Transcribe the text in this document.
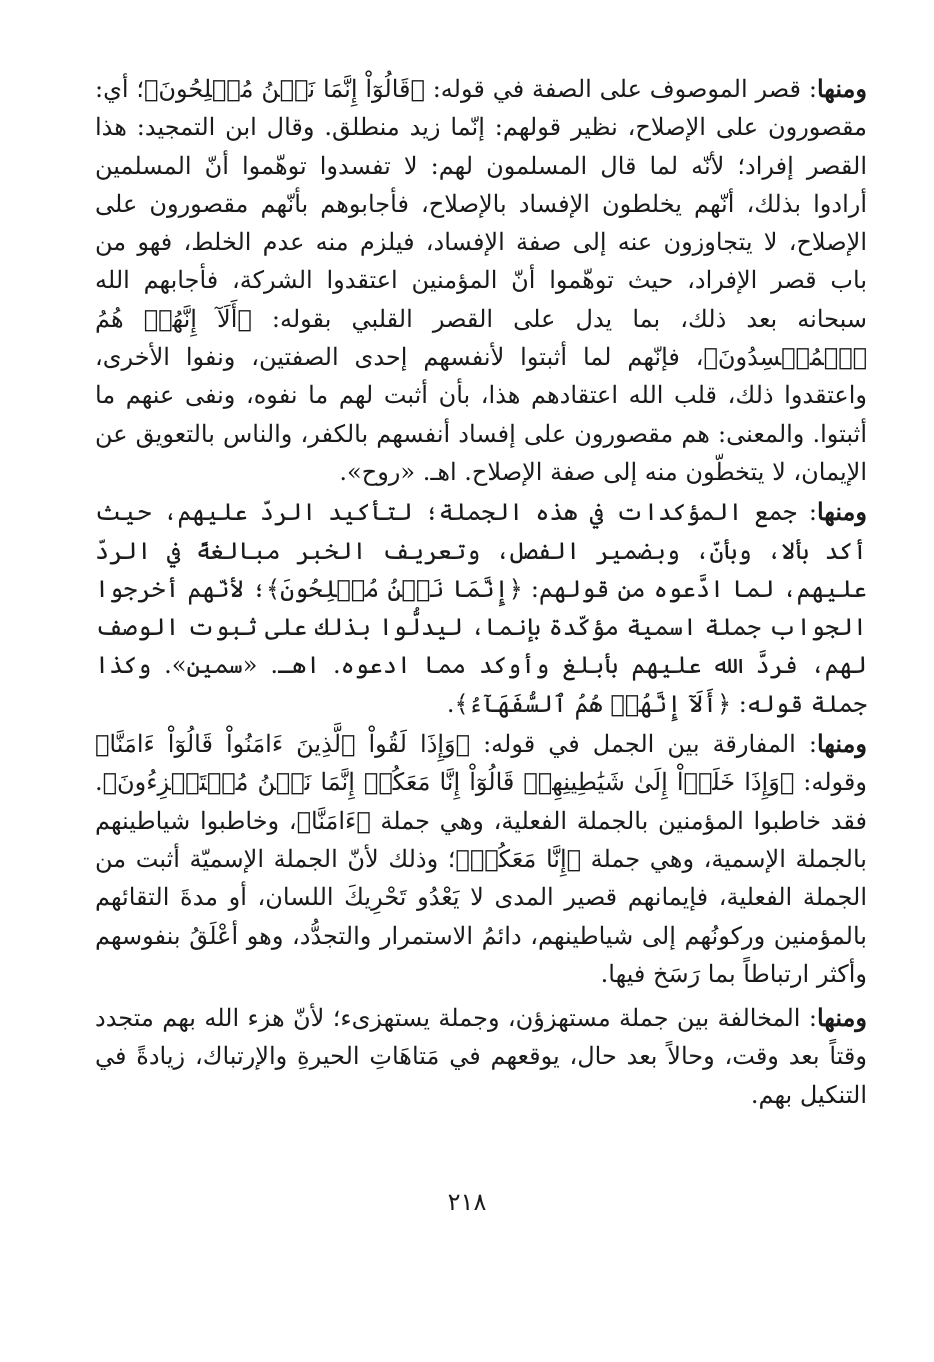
ومنها: قصر الموصوف على الصفة في قوله: ﴿قَالُوٓاْ إِنَّمَا نَحۡنُ مُصۡلِحُونَ﴾؛ أي: مقصورون على الإصلاح، نظير قولهم: إنّما زيد منطلق. وقال ابن التمجيد: هذا القصر إفراد؛ لأنّه لما قال المسلمون لهم: لا تفسدوا توهّموا أنّ المسلمين أرادوا بذلك، أنّهم يخلطون الإفساد بالإصلاح، فأجابوهم بأنّهم مقصورون على الإصلاح، لا يتجاوزون عنه إلى صفة الإفساد، فيلزم منه عدم الخلط، فهو من باب قصر الإفراد، حيث توهّموا أنّ المؤمنين اعتقدوا الشركة، فأجابهم الله سبحانه بعد ذلك، بما يدل على القصر القلبي بقوله: ﴿أَلَآ إِنَّهُمۡ هُمُ ٱلۡمُفۡسِدُونَ﴾، فإنّهم لما أثبتوا لأنفسهم إحدى الصفتين، ونفوا الأخرى، واعتقدوا ذلك، قلب الله اعتقادهم هذا، بأن أثبت لهم ما نفوه، ونفى عنهم ما أثبتوا. والمعنى: هم مقصورون على إفساد أنفسهم بالكفر، والناس بالتعويق عن الإيمان، لا يتخطّون منه إلى صفة الإصلاح. اهـ. «روح».

ومنها: جمع المؤكدات في هذه الجملة؛ لتأكيد الردّ عليهم، حيث أكد بألا، وبأنّ، وبضمير الفصل، وتعريف الخبر مبالغةً في الردّ عليهم، لما ادَّعوه من قولهم: ﴿إِنَّمَا نَحۡنُ مُصۡلِحُونَ﴾؛ لأنّهم أخرجوا الجواب جملة اسمية مؤكّدة بإنما، ليدلُّوا بذلك على ثبوت الوصف لهم، فردَّ الله عليهم بأبلغ وأوكد مما ادعوه. اهـ. «سمين». وكذا جملة قوله: ﴿أَلَآ إِنَّهُمۡ هُمُ ٱلسُّفَهَآءُ﴾.

ومنها: المفارقة بين الجمل في قوله: ﴿وَإِذَا لَقُواْ ٱلَّذِينَ ءَامَنُواْ قَالُوٓاْ ءَامَنَّا﴾ وقوله: ﴿وَإِذَا خَلَوۡاْ إِلَىٰ شَيَٰطِينِهِمۡ قَالُوٓاْ إِنَّا مَعَكُمۡ إِنَّمَا نَحۡنُ مُسۡتَهۡزِءُونَ﴾. فقد خاطبوا المؤمنين بالجملة الفعلية، وهي جملة ﴿ءَامَنَّا﴾، وخاطبوا شياطينهم بالجملة الإسمية، وهي جملة ﴿إِنَّا مَعَكُمۡ﴾؛ وذلك لأنّ الجملة الإسميّة أثبت من الجملة الفعلية، فإيمانهم قصير المدى لا يَعْدُو تَحْرِيكَ اللسان، أو مدةَ التقائهم بالمؤمنين وركونُهم إلى شياطينهم، دائمُ الاستمرار والتجدُّد، وهو أعْلَقُ بنفوسهم وأكثر ارتباطاً بما رَسَخ فيها.

ومنها: المخالفة بين جملة مستهزؤن، وجملة يستهزىء؛ لأنّ هزء الله بهم متجدد وقتاً بعد وقت، وحالاً بعد حال، يوقعهم في مَتاهَاتِ الحيرةِ والإرتباك، زيادةً في التنكيل بهم.

٢١٨
